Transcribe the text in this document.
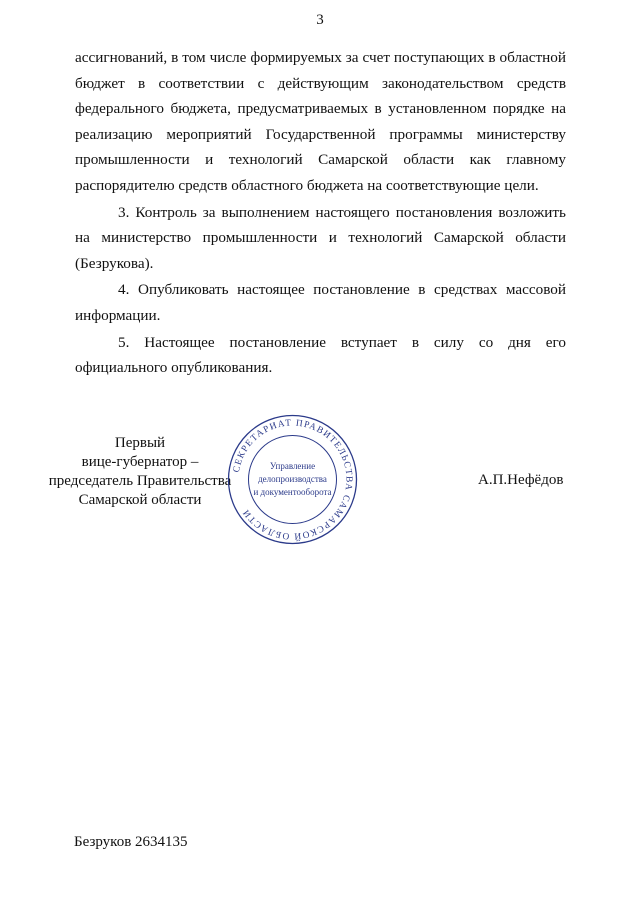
3

ассигнований, в том числе формируемых за счет поступающих в областной бюджет в соответствии с действующим законодательством средств федерального бюджета, предусматриваемых в установленном порядке на реализацию мероприятий Государственной программы министерству промышленности и технологий Самарской области как главному распорядителю средств областного бюджета на соответствующие цели.

3. Контроль за выполнением настоящего постановления возложить на министерство промышленности и технологий Самарской области (Безрукова).

4. Опубликовать настоящее постановление в средствах массовой информации.

5. Настоящее постановление вступает в силу со дня его официального опубликования.

Первый
вице-губернатор –
председатель Правительства
Самарской области
А.П.Нефёдов
СЕКРЕТАРИАТ ПРАВИТЕЛЬСТВА САМАРСКОЙ ОБЛАСТИ
Управление
делопроизводства
и документооборота
Безруков 2634135
